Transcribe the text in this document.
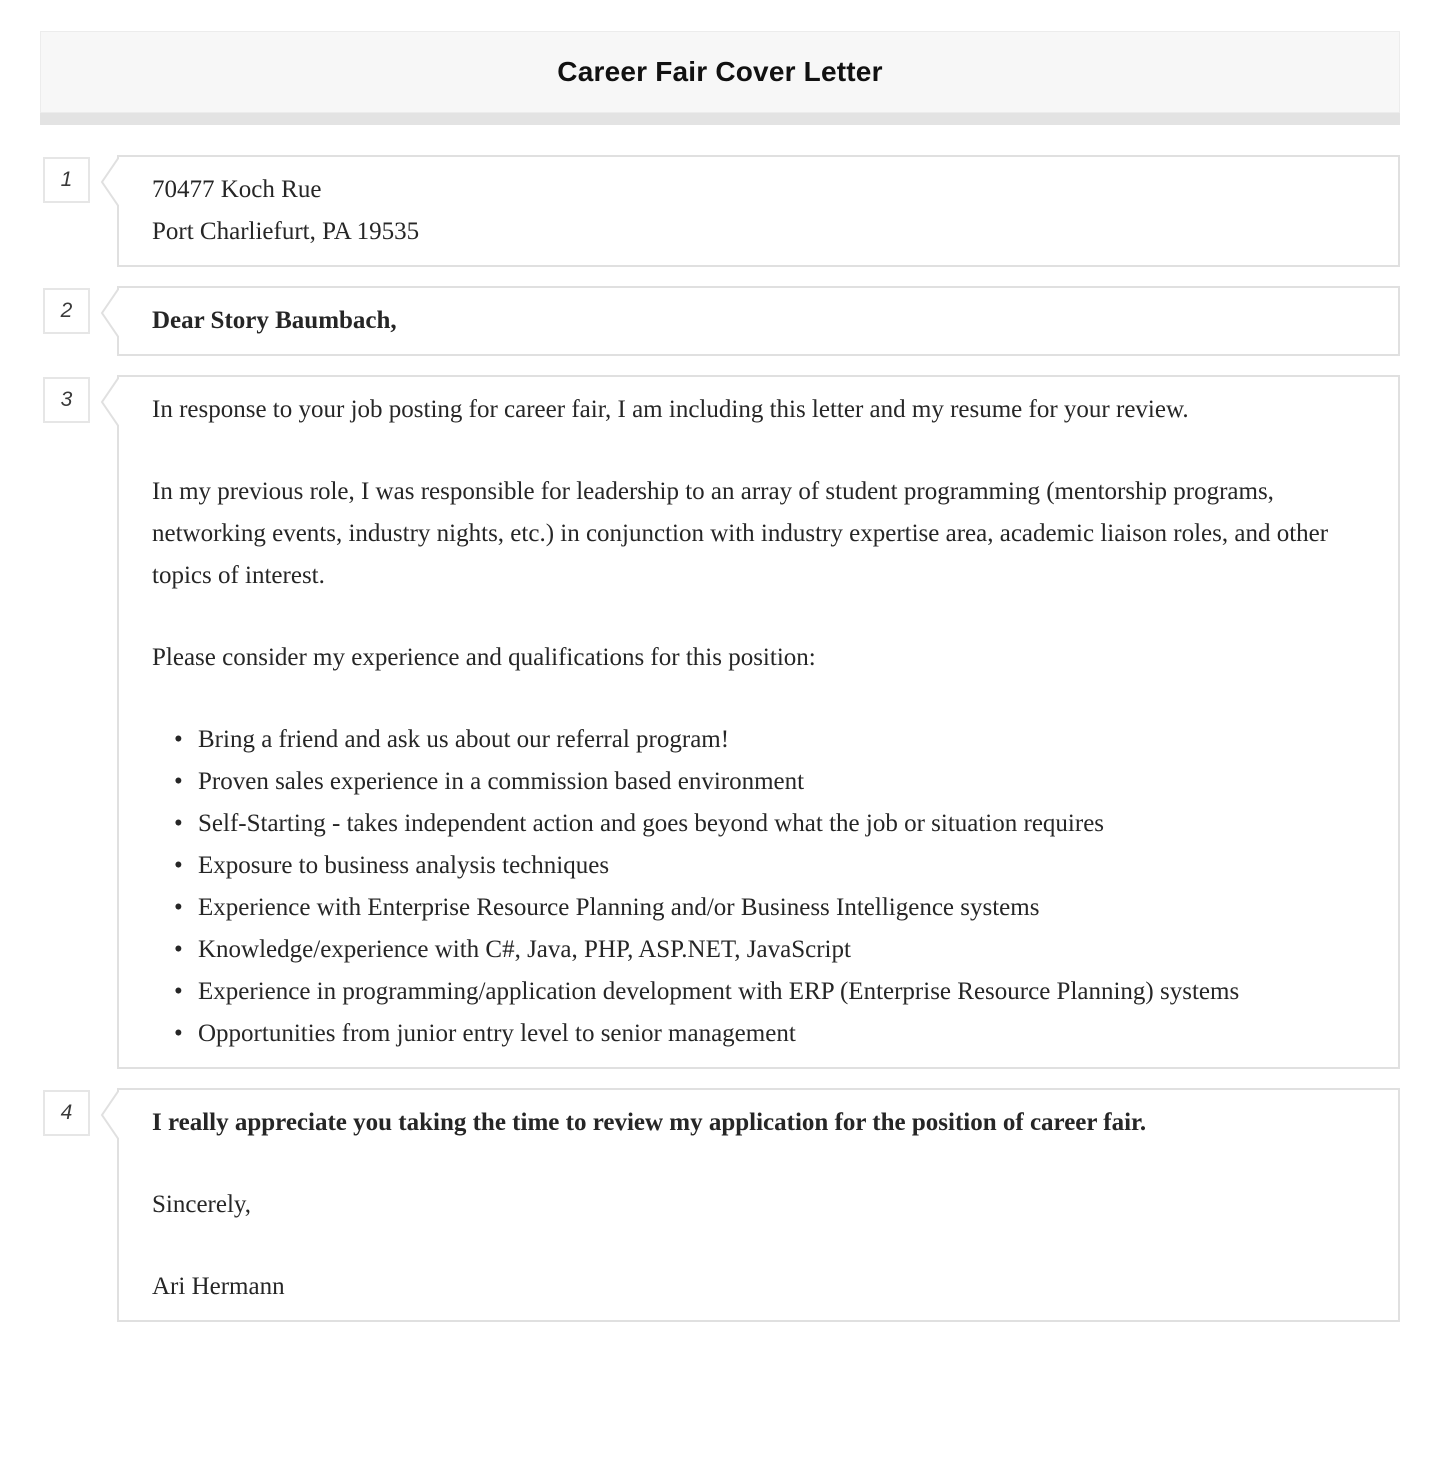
Career Fair Cover Letter
1	70477 Koch Rue
Port Charliefurt, PA 19535
2	Dear Story Baumbach,

3	In response to your job posting for career fair, I am including this letter and my resume for your review.

In my previous role, I was responsible for leadership to an array of student programming (mentorship programs, networking events, industry nights, etc.) in conjunction with industry expertise area, academic liaison roles, and other topics of interest.

Please consider my experience and qualifications for this position:

• Bring a friend and ask us about our referral program!
• Proven sales experience in a commission based environment
• Self-Starting - takes independent action and goes beyond what the job or situation requires
• Exposure to business analysis techniques
• Experience with Enterprise Resource Planning and/or Business Intelligence systems
• Knowledge/experience with C#, Java, PHP, ASP.NET, JavaScript
• Experience in programming/application development with ERP (Enterprise Resource Planning) systems
• Opportunities from junior entry level to senior management
4	I really appreciate you taking the time to review my application for the position of career fair.

Sincerely,

Ari Hermann
